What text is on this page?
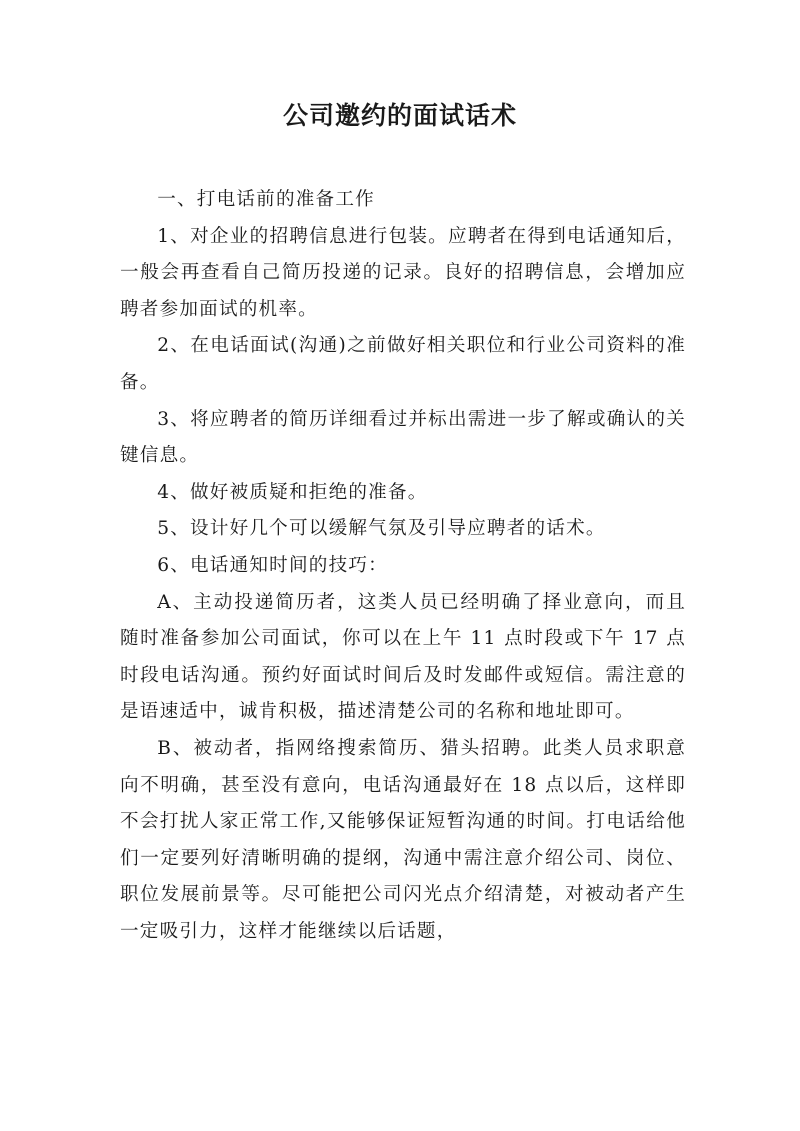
公司邀约的面试话术

一、打电话前的准备工作

1、对企业的招聘信息进行包装。应聘者在得到电话通知后，一般会再查看自己简历投递的记录。良好的招聘信息，会增加应聘者参加面试的机率。

2、在电话面试(沟通)之前做好相关职位和行业公司资料的准备。

3、将应聘者的简历详细看过并标出需进一步了解或确认的关键信息。

4、做好被质疑和拒绝的准备。

5、设计好几个可以缓解气氛及引导应聘者的话术。

6、电话通知时间的技巧：

A、主动投递简历者，这类人员已经明确了择业意向，而且随时准备参加公司面试，你可以在上午 11 点时段或下午 17 点时段电话沟通。预约好面试时间后及时发邮件或短信。需注意的是语速适中，诚肯积极，描述清楚公司的名称和地址即可。

B、被动者，指网络搜索简历、猎头招聘。此类人员求职意向不明确，甚至没有意向，电话沟通最好在 18 点以后，这样即不会打扰人家正常工作,又能够保证短暂沟通的时间。打电话给他们一定要列好清晰明确的提纲，沟通中需注意介绍公司、岗位、职位发展前景等。尽可能把公司闪光点介绍清楚，对被动者产生一定吸引力，这样才能继续以后话题，
